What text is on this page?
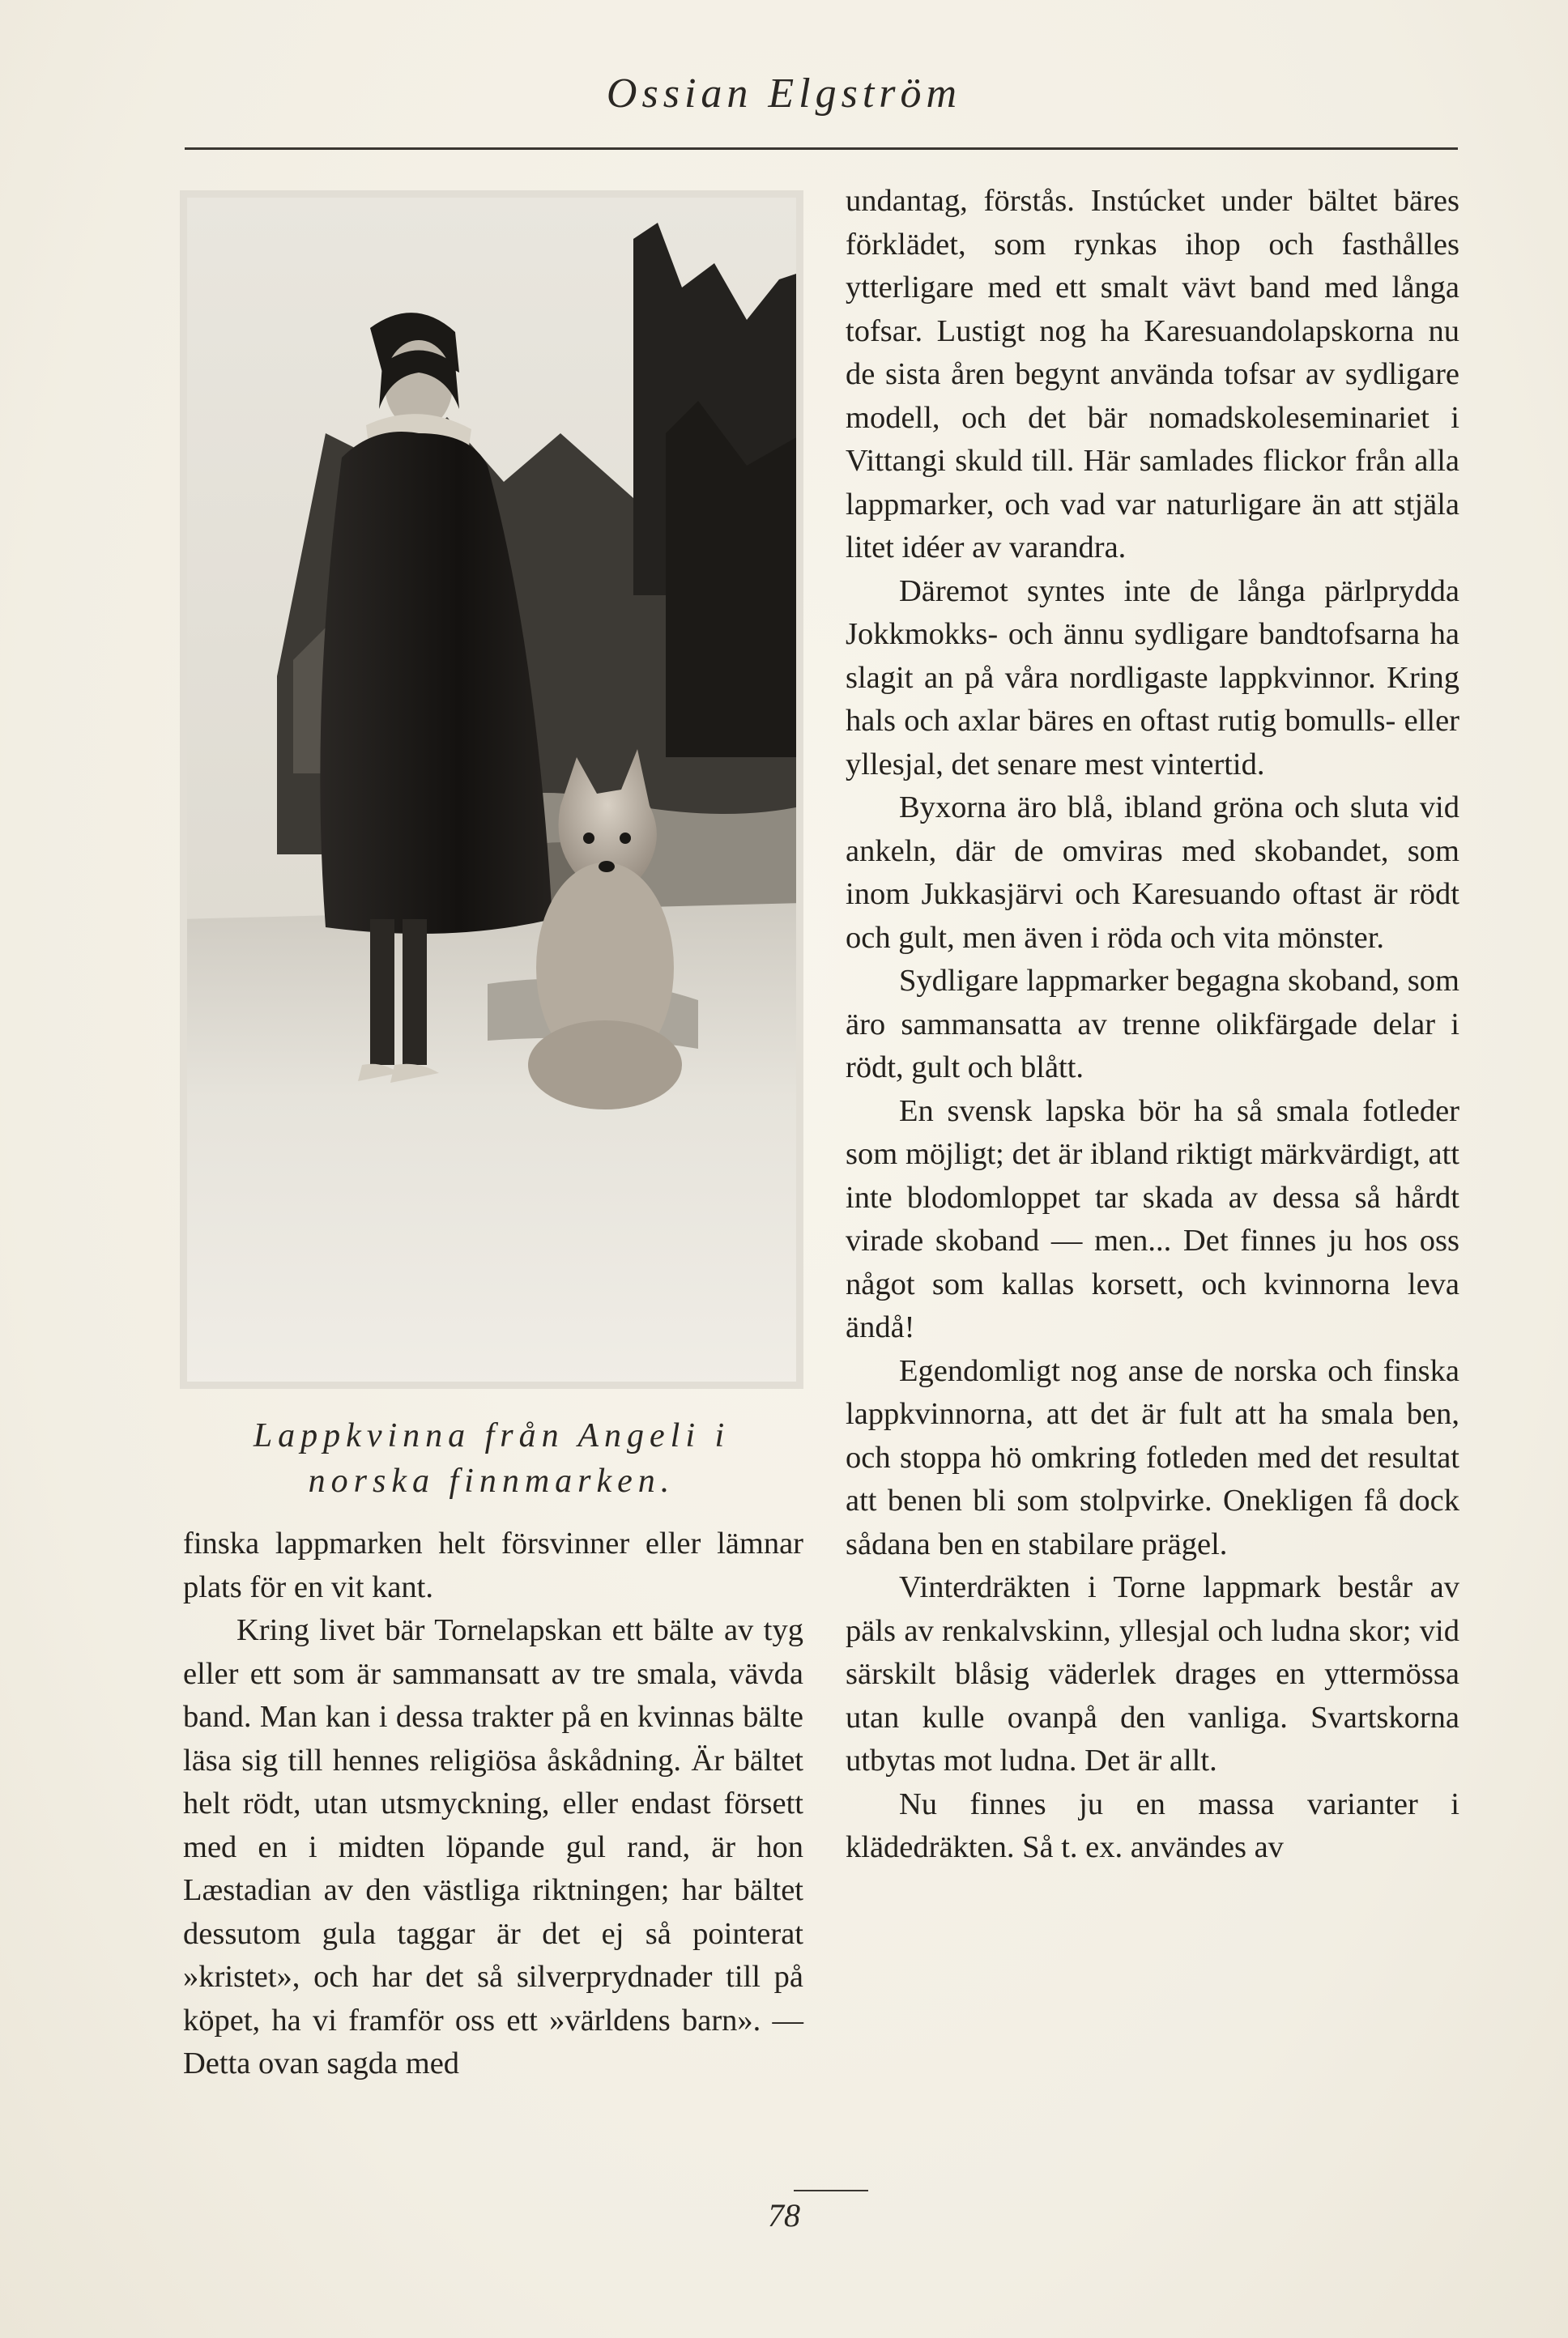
Ossian Elgström
Lappkvinna från Angeli i
norska finnmarken.

finska lappmarken helt försvinner eller lämnar plats för en vit kant.

Kring livet bär Tornelapskan ett bälte av tyg eller ett som är sammansatt av tre smala, vävda band. Man kan i dessa trakter på en kvinnas bälte läsa sig till hennes religiösa åskådning. Är bältet helt rödt, utan utsmyckning, eller endast försett med en i midten löpande gul rand, är hon Læstadian av den västliga riktningen; har bältet dessutom gula taggar är det ej så pointerat »kristet», och har det så silverprydnader till på köpet, ha vi framför oss ett »världens barn». — Detta ovan sagda med

undantag, förstås. Instúcket under bältet bäres förklädet, som rynkas ihop och fasthålles ytterligare med ett smalt vävt band med långa tofsar. Lustigt nog ha Karesuandolapskorna nu de sista åren begynt använda tofsar av sydligare modell, och det bär nomadskoleseminariet i Vittangi skuld till. Här samlades flickor från alla lappmarker, och vad var naturligare än att stjäla litet idéer av varandra.

Däremot syntes inte de långa pärlprydda Jokkmokks- och ännu sydligare bandtofsarna ha slagit an på våra nordligaste lappkvinnor. Kring hals och axlar bäres en oftast rutig bomulls- eller yllesjal, det senare mest vintertid.

Byxorna äro blå, ibland gröna och sluta vid ankeln, där de omviras med skobandet, som inom Jukkasjärvi och Karesuando oftast är rödt och gult, men även i röda och vita mönster.

Sydligare lappmarker begagna skoband, som äro sammansatta av trenne olikfärgade delar i rödt, gult och blått.

En svensk lapska bör ha så smala fotleder som möjligt; det är ibland riktigt märkvärdigt, att inte blodomloppet tar skada av dessa så hårdt virade skoband — men... Det finnes ju hos oss något som kallas korsett, och kvinnorna leva ändå!

Egendomligt nog anse de norska och finska lappkvinnorna, att det är fult att ha smala ben, och stoppa hö omkring fotleden med det resultat att benen bli som stolpvirke. Onekligen få dock sådana ben en stabilare prägel.

Vinterdräkten i Torne lappmark består av päls av renkalvskinn, yllesjal och ludna skor; vid särskilt blåsig väderlek drages en yttermössa utan kulle ovanpå den vanliga. Svartskorna utbytas mot ludna. Det är allt.

Nu finnes ju en massa varianter i klädedräkten. Så t. ex. användes av

78
